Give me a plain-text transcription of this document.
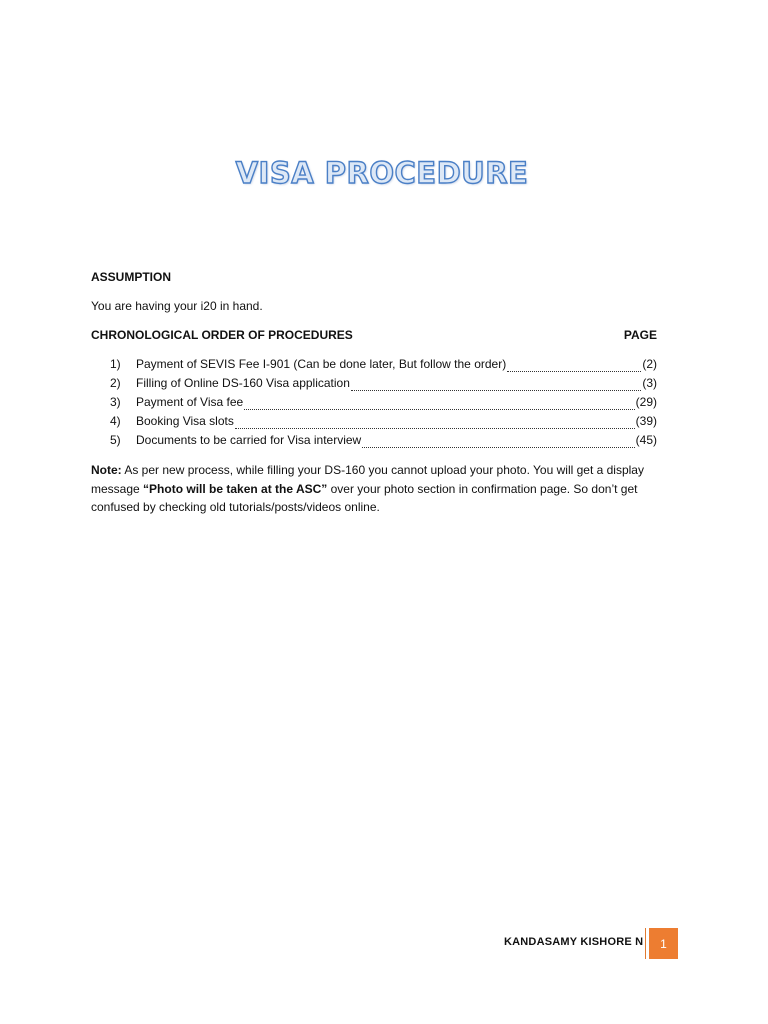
VISA PROCEDURE

ASSUMPTION

You are having your i20 in hand.

CHRONOLOGICAL ORDER OF PROCEDURES	PAGE
1)	Payment of SEVIS Fee I-901 (Can be done later, But follow the order)	(2)
2)	Filling of Online DS-160 Visa application	(3)
3)	Payment of Visa fee	(29)
4)	Booking Visa slots	(39)
5)	Documents to be carried for Visa interview	(45)

Note: As per new process, while filling your DS-160 you cannot upload your photo. You will get a display message “Photo will be taken at the ASC” over your photo section in confirmation page. So don’t get confused by checking old tutorials/posts/videos online.

KANDASAMY KISHORE N	1
